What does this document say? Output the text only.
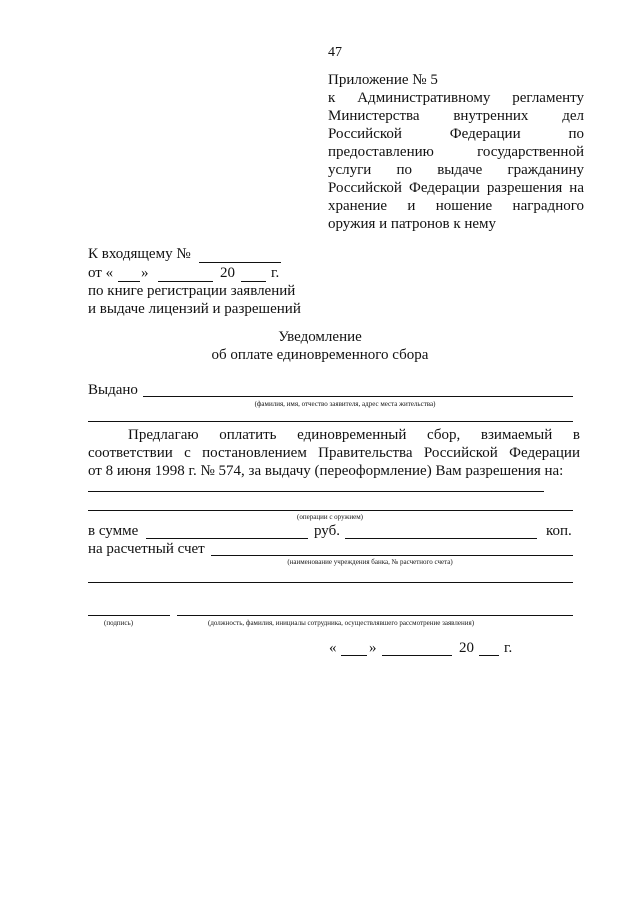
47
Приложение № 5
к Административному регламенту
Министерства внутренних дел
Российской Федерации по
предоставлению государственной
услуги по выдаче гражданину
Российской Федерации разрешения на
хранение и ношение наградного
оружия и патронов к нему
К входящему №
от « »	20 г.
по книге регистрации заявлений
и выдаче лицензий и разрешений
Уведомление
об оплате единовременного сбора
Выдано
(фамилия, имя, отчество заявителя, адрес места жительства)
Предлагаю оплатить единовременный сбор, взимаемый в
соответствии с постановлением Правительства Российской Федерации
от 8 июня 1998 г. № 574, за выдачу (переоформление) Вам разрешения на:
(операции с оружием)
в сумме	руб.	коп.
на расчетный счет
(наименование учреждения банка, № расчетного счета)
(подпись)	(должность, фамилия, инициалы сотрудника, осуществлявшего рассмотрение заявления)
« »	20 г.
